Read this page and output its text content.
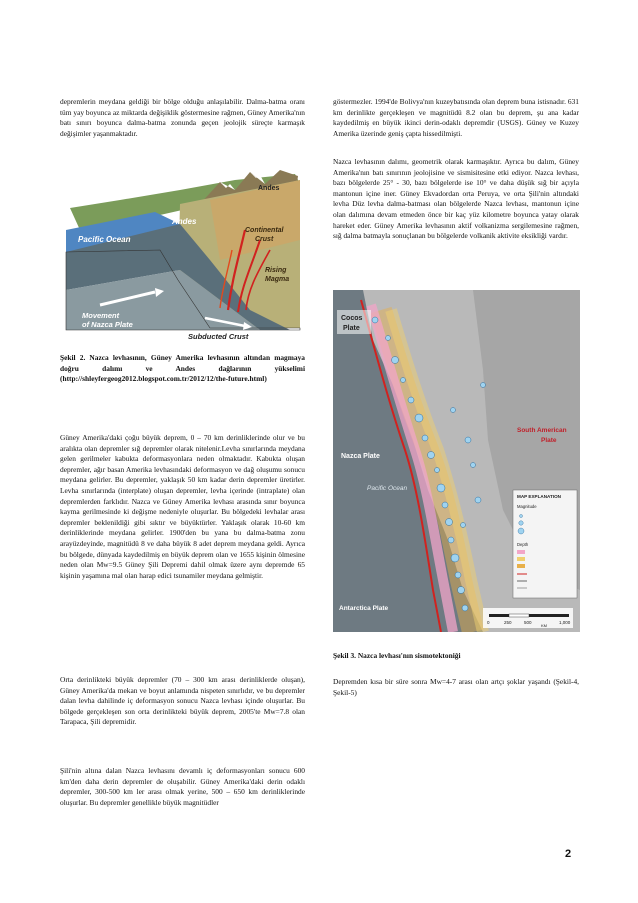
depremlerin meydana geldiği bir bölge olduğu anlaşılabilir. Dalma-batma oranı tüm yay boyunca az miktarda değişiklik göstermesine rağmen, Güney Amerika'nın batı sınırı boyunca dalma-batma zonunda geçen jeolojik süreçte karmaşık değişimler yaşanmaktadır.

Andes
Andes
Pacific Ocean
Continental
Crust
Rising
Magma
Movement
of Nazca Plate
Subducted Crust

Şekil 2. Nazca levhasının, Güney Amerika levhasının altından magmaya doğru dalımı ve Andes dağlarının yükselimi (http://shleyfergeog2012.blogspot.com.tr/2012/12/the-future.html)

Güney Amerika'daki çoğu büyük deprem, 0 – 70 km derinliklerinde olur ve bu aralıkta olan depremler sığ depremler olarak nitelenir.Levha sınırlarında meydana gelen gerilmeler kabukta deformasyonlara neden olmaktadır. Kabukta oluşan depremler, ağır basan Amerika levhasındaki deformasyon ve dağ oluşumu sonucu meydana gelirler. Bu depremler, yaklaşık 50 km kadar derin depremler üretirler. Levha sınırlarında (interplate) oluşan depremler, levha içerinde (intraplate) olan depremlerden farklıdır. Nazca ve Güney Amerika levhası arasında sınır boyunca kayma gerilmesinde ki değişme nedeniyle oluşurlar. Bu bölgedeki levhalar arası depremler beklenildiği gibi sıktır ve büyüktürler. Yaklaşık olarak 10-60 km derinliklerinde meydana gelirler. 1900'den bu yana bu dalma-batma zonu arayüzdeyinde, magnitüdü 8 ve daha büyük 8 adet deprem meydana geldi. Ayrıca bu bölgede, dünyada kaydedilmiş en büyük deprem olan ve 1655 kişinin ölmesine neden olan Mw=9.5 Güney Şili Depremi dahil olmak üzere aynı depremde 65 kişinin yaşamına mal olan harap edici tsunamiler meydana gelmiştir.

Orta derinlikteki büyük depremler (70 – 300 km arası derinliklerde oluşan), Güney Amerika'da mekan ve boyut anlamında nispeten sınırlıdır, ve bu depremler dalan levha dahilinde iç deformasyon sonucu Nazca levhası içinde oluşurlar. Bu bölgede gerçekleşen son orta derinlikteki büyük deprem, 2005'te Mw=7.8 olan Tarapaca, Şili depremidir.

Şili'nin altına dalan Nazca levhasını devamlı iç deformasyonları sonucu 600 km'den daha derin depremler de oluşabilir. Güney Amerika'daki derin odaklı depremler, 300-500 km ler arası olmak yerine, 500 – 650 km derinliklerinde oluşurlar. Bu depremler genellikle büyük magnitüdler

göstermezler. 1994'de Bolivya'nın kuzeybatısında olan deprem buna istisnadır. 631 km derinlikte gerçekleşen ve magnitüdü 8.2 olan bu deprem, şu ana kadar kaydedilmiş en büyük ikinci derin-odaklı depremdir (USGS). Güney ve Kuzey Amerika üzerinde geniş çapta hissedilmişti.

Nazca levhasının dalımı, geometrik olarak karmaşıktır. Ayrıca bu dalım, Güney Amerika'nın batı sınırının jeolojisine ve sismisitesine etki ediyor. Nazca levhası, bazı bölgelerde 25° - 30, bazı bölgelerde ise 10° ve daha düşük sığ bir açıyla mantonun içine iner. Güney Ekvadordan orta Peruya, ve orta Şili'nin altındaki levha Düz levha dalma-batması olan bölgelerde Nazca levhası, mantonun içine olan dalımına devam etmeden önce bir kaç yüz kilometre boyunca yatay olarak hareket eder. Güney Amerika levhasının aktif volkanizma sergilemesine rağmen, sığ dalma batmayla sonuçlanan bu bölgelerde volkanik aktivite eksikliği vardır.

Cocos
Plate
South American
Plate
Nazca Plate
Pacific Ocean
Antarctica Plate
MAP EXPLANATION
Magnitude
Depth
0	250	500	1,000
KM

Şekil 3. Nazca levhası'nın sismotektoniği

Depremden kısa bir süre sonra Mw=4-7 arası olan artçı şoklar yaşandı (Şekil-4, Şekil-5)

2
